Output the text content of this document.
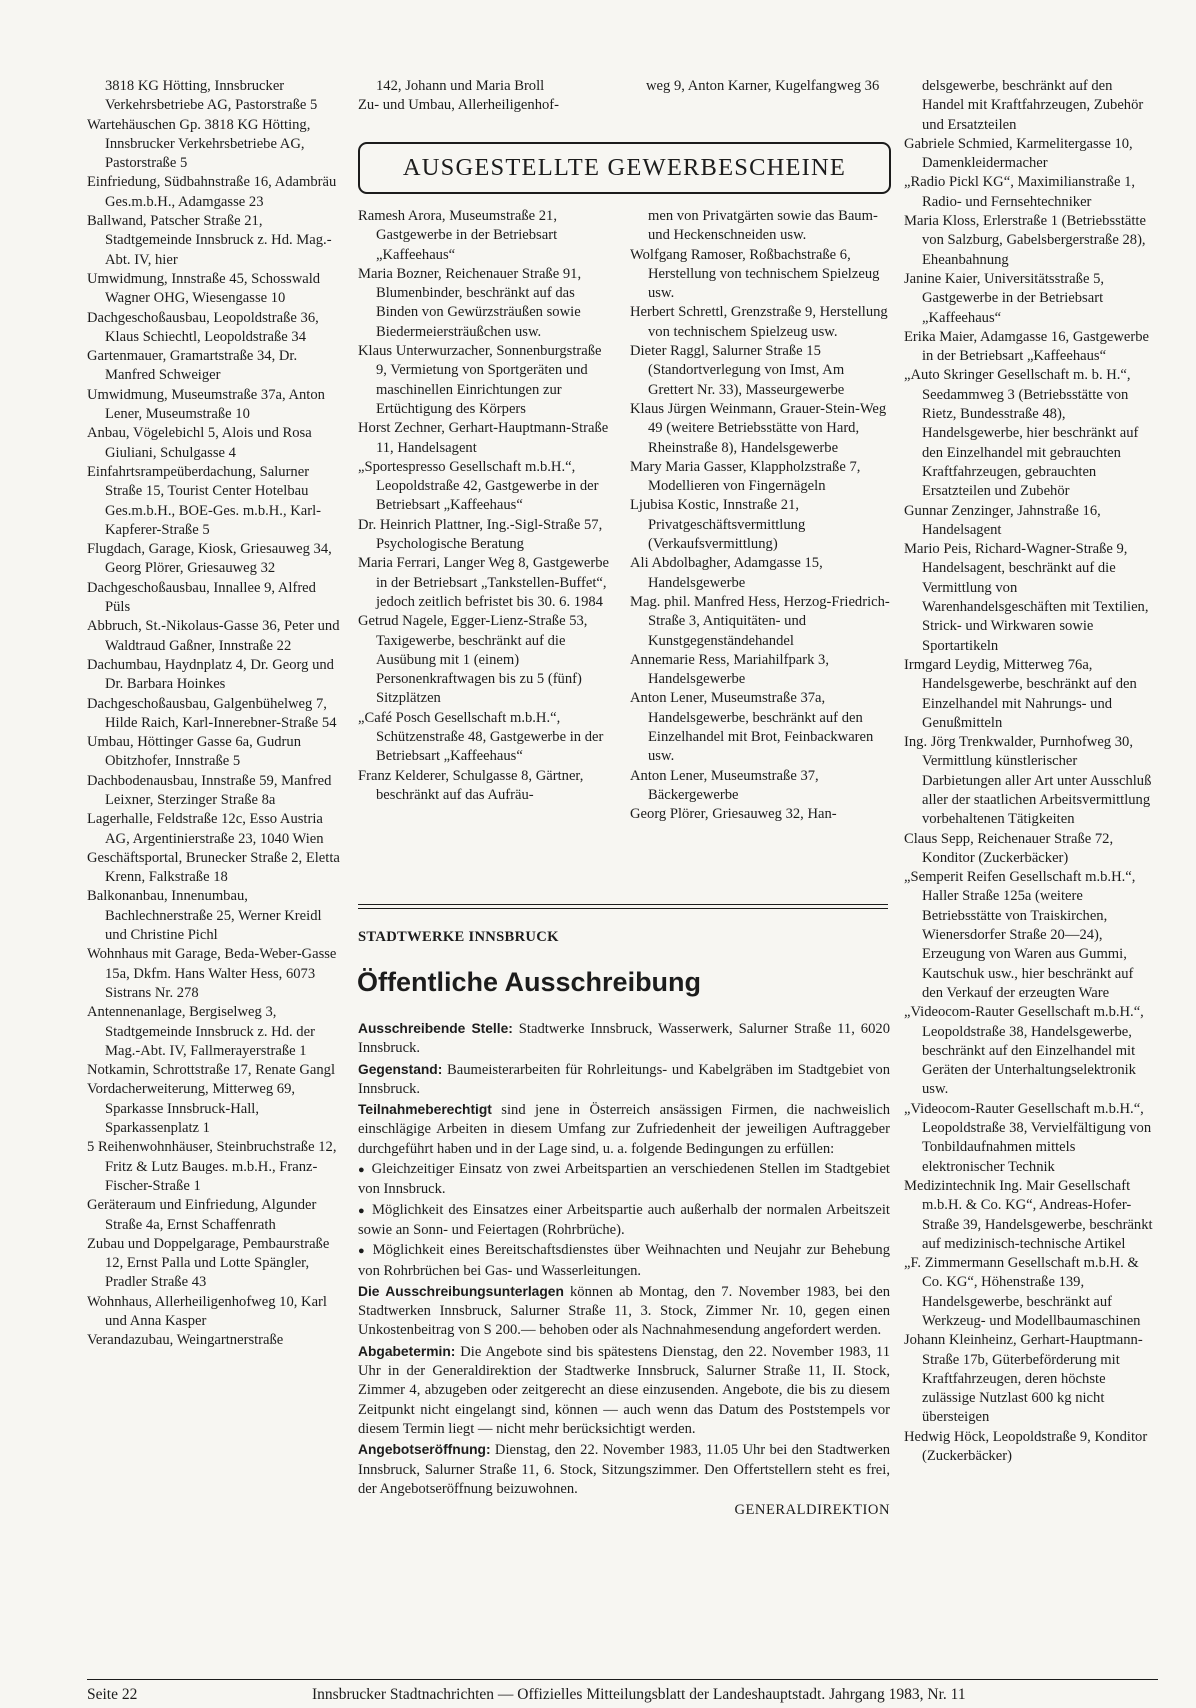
3818 KG Hötting, Innsbrucker Verkehrsbetriebe AG, Pastorstraße 5

Wartehäuschen Gp. 3818 KG Hötting, Innsbrucker Verkehrsbetriebe AG, Pastorstraße 5

Einfriedung, Südbahnstraße 16, Adambräu Ges.m.b.H., Adamgasse 23

Ballwand, Patscher Straße 21, Stadtgemeinde Innsbruck z. Hd. Mag.-Abt. IV, hier

Umwidmung, Innstraße 45, Schosswald Wagner OHG, Wiesengasse 10

Dachgeschoßausbau, Leopoldstraße 36, Klaus Schiechtl, Leopoldstraße 34

Gartenmauer, Gramartstraße 34, Dr. Manfred Schweiger

Umwidmung, Museumstraße 37a, Anton Lener, Museumstraße 10

Anbau, Vögelebichl 5, Alois und Rosa Giuliani, Schulgasse 4

Einfahrtsrampeüberdachung, Salurner Straße 15, Tourist Center Hotelbau Ges.m.b.H., BOE-Ges. m.b.H., Karl-Kapferer-Straße 5

Flugdach, Garage, Kiosk, Griesauweg 34, Georg Plörer, Griesauweg 32

Dachgeschoßausbau, Innallee 9, Alfred Püls

Abbruch, St.-Nikolaus-Gasse 36, Peter und Waldtraud Gaßner, Innstraße 22

Dachumbau, Haydnplatz 4, Dr. Georg und Dr. Barbara Hoinkes

Dachgeschoßausbau, Galgenbühelweg 7, Hilde Raich, Karl-Innerebner-Straße 54

Umbau, Höttinger Gasse 6a, Gudrun Obitzhofer, Innstraße 5

Dachbodenausbau, Innstraße 59, Manfred Leixner, Sterzinger Straße 8a

Lagerhalle, Feldstraße 12c, Esso Austria AG, Argentinierstraße 23, 1040 Wien

Geschäftsportal, Brunecker Straße 2, Eletta Krenn, Falkstraße 18

Balkonanbau, Innenumbau, Bachlechnerstraße 25, Werner Kreidl und Christine Pichl

Wohnhaus mit Garage, Beda-Weber-Gasse 15a, Dkfm. Hans Walter Hess, 6073 Sistrans Nr. 278

Antennenanlage, Bergiselweg 3, Stadtgemeinde Innsbruck z. Hd. der Mag.-Abt. IV, Fallmerayerstraße 1

Notkamin, Schrottstraße 17, Renate Gangl

Vordacherweiterung, Mitterweg 69, Sparkasse Innsbruck-Hall, Sparkassenplatz 1

5 Reihenwohnhäuser, Steinbruchstraße 12, Fritz & Lutz Bauges. m.b.H., Franz-Fischer-Straße 1

Geräteraum und Einfriedung, Algunder Straße 4a, Ernst Schaffenrath

Zubau und Doppelgarage, Pembaurstraße 12, Ernst Palla und Lotte Spängler, Pradler Straße 43

Wohnhaus, Allerheiligenhofweg 10, Karl und Anna Kasper

Verandazubau, Weingartnerstraße

142, Johann und Maria Broll

Zu- und Umbau, Allerheiligenhof-

weg 9, Anton Karner, Kugelfangweg 36

AUSGESTELLTE GEWERBESCHEINE

Ramesh Arora, Museumstraße 21, Gastgewerbe in der Betriebsart „Kaffeehaus“

Maria Bozner, Reichenauer Straße 91, Blumenbinder, beschränkt auf das Binden von Gewürzsträußen sowie Biedermeiersträußchen usw.

Klaus Unterwurzacher, Sonnenburgstraße 9, Vermietung von Sportgeräten und maschinellen Einrichtungen zur Ertüchtigung des Körpers

Horst Zechner, Gerhart-Hauptmann-Straße 11, Handelsagent

„Sportespresso Gesellschaft m.b.H.“, Leopoldstraße 42, Gastgewerbe in der Betriebsart „Kaffeehaus“

Dr. Heinrich Plattner, Ing.-Sigl-Straße 57, Psychologische Beratung

Maria Ferrari, Langer Weg 8, Gastgewerbe in der Betriebsart „Tankstellen-Buffet“, jedoch zeitlich befristet bis 30. 6. 1984

Getrud Nagele, Egger-Lienz-Straße 53, Taxigewerbe, beschränkt auf die Ausübung mit 1 (einem) Personenkraftwagen bis zu 5 (fünf) Sitzplätzen

„Café Posch Gesellschaft m.b.H.“, Schützenstraße 48, Gastgewerbe in der Betriebsart „Kaffeehaus“

Franz Kelderer, Schulgasse 8, Gärtner, beschränkt auf das Aufräu-

men von Privatgärten sowie das Baum- und Heckenschneiden usw.

Wolfgang Ramoser, Roßbachstraße 6, Herstellung von technischem Spielzeug usw.

Herbert Schrettl, Grenzstraße 9, Herstellung von technischem Spielzeug usw.

Dieter Raggl, Salurner Straße 15 (Standortverlegung von Imst, Am Grettert Nr. 33), Masseurgewerbe

Klaus Jürgen Weinmann, Grauer-Stein-Weg 49 (weitere Betriebsstätte von Hard, Rheinstraße 8), Handelsgewerbe

Mary Maria Gasser, Klappholzstraße 7, Modellieren von Fingernägeln

Ljubisa Kostic, Innstraße 21, Privatgeschäftsvermittlung (Verkaufsvermittlung)

Ali Abdolbagher, Adamgasse 15, Handelsgewerbe

Mag. phil. Manfred Hess, Herzog-Friedrich-Straße 3, Antiquitäten- und Kunstgegenständehandel

Annemarie Ress, Mariahilfpark 3, Handelsgewerbe

Anton Lener, Museumstraße 37a, Handelsgewerbe, beschränkt auf den Einzelhandel mit Brot, Feinbackwaren usw.

Anton Lener, Museumstraße 37, Bäckergewerbe

Georg Plörer, Griesauweg 32, Han-

delsgewerbe, beschränkt auf den Handel mit Kraftfahrzeugen, Zubehör und Ersatzteilen

Gabriele Schmied, Karmelitergasse 10, Damenkleidermacher

„Radio Pickl KG“, Maximilianstraße 1, Radio- und Fernsehtechniker

Maria Kloss, Erlerstraße 1 (Betriebsstätte von Salzburg, Gabelsbergerstraße 28), Eheanbahnung

Janine Kaier, Universitätsstraße 5, Gastgewerbe in der Betriebsart „Kaffeehaus“

Erika Maier, Adamgasse 16, Gastgewerbe in der Betriebsart „Kaffeehaus“

„Auto Skringer Gesellschaft m. b. H.“, Seedammweg 3 (Betriebsstätte von Rietz, Bundesstraße 48), Handelsgewerbe, hier beschränkt auf den Einzelhandel mit gebrauchten Kraftfahrzeugen, gebrauchten Ersatzteilen und Zubehör

Gunnar Zenzinger, Jahnstraße 16, Handelsagent

Mario Peis, Richard-Wagner-Straße 9, Handelsagent, beschränkt auf die Vermittlung von Warenhandelsgeschäften mit Textilien, Strick- und Wirkwaren sowie Sportartikeln

Irmgard Leydig, Mitterweg 76a, Handelsgewerbe, beschränkt auf den Einzelhandel mit Nahrungs- und Genußmitteln

Ing. Jörg Trenkwalder, Purnhofweg 30, Vermittlung künstlerischer Darbietungen aller Art unter Ausschluß aller der staatlichen Arbeitsvermittlung vorbehaltenen Tätigkeiten

Claus Sepp, Reichenauer Straße 72, Konditor (Zuckerbäcker)

„Semperit Reifen Gesellschaft m.b.H.“, Haller Straße 125a (weitere Betriebsstätte von Traiskirchen, Wienersdorfer Straße 20—24), Erzeugung von Waren aus Gummi, Kautschuk usw., hier beschränkt auf den Verkauf der erzeugten Ware

„Videocom-Rauter Gesellschaft m.b.H.“, Leopoldstraße 38, Handelsgewerbe, beschränkt auf den Einzelhandel mit Geräten der Unterhaltungselektronik usw.

„Videocom-Rauter Gesellschaft m.b.H.“, Leopoldstraße 38, Vervielfältigung von Tonbildaufnahmen mittels elektronischer Technik

Medizintechnik Ing. Mair Gesellschaft m.b.H. & Co. KG“, Andreas-Hofer-Straße 39, Handelsgewerbe, beschränkt auf medizinisch-technische Artikel

„F. Zimmermann Gesellschaft m.b.H. & Co. KG“, Höhenstraße 139, Handelsgewerbe, beschränkt auf Werkzeug- und Modellbaumaschinen

Johann Kleinheinz, Gerhart-Hauptmann-Straße 17b, Güterbeförderung mit Kraftfahrzeugen, deren höchste zulässige Nutzlast 600 kg nicht übersteigen

Hedwig Höck, Leopoldstraße 9, Konditor (Zuckerbäcker)

STADTWERKE INNSBRUCK
Öffentliche Ausschreibung

Ausschreibende Stelle: Stadtwerke Innsbruck, Wasserwerk, Salurner Straße 11, 6020 Innsbruck.

Gegenstand: Baumeisterarbeiten für Rohrleitungs- und Kabelgräben im Stadtgebiet von Innsbruck.

Teilnahmeberechtigt sind jene in Österreich ansässigen Firmen, die nachweislich einschlägige Arbeiten in diesem Umfang zur Zufriedenheit der jeweiligen Auftraggeber durchgeführt haben und in der Lage sind, u. a. folgende Bedingungen zu erfüllen:

● Gleichzeitiger Einsatz von zwei Arbeitspartien an verschiedenen Stellen im Stadtgebiet von Innsbruck.

● Möglichkeit des Einsatzes einer Arbeitspartie auch außerhalb der normalen Arbeitszeit sowie an Sonn- und Feiertagen (Rohrbrüche).

● Möglichkeit eines Bereitschaftsdienstes über Weihnachten und Neujahr zur Behebung von Rohrbrüchen bei Gas- und Wasserleitungen.

Die Ausschreibungsunterlagen können ab Montag, den 7. November 1983, bei den Stadtwerken Innsbruck, Salurner Straße 11, 3. Stock, Zimmer Nr. 10, gegen einen Unkostenbeitrag von S 200.— behoben oder als Nachnahmesendung angefordert werden.

Abgabetermin: Die Angebote sind bis spätestens Dienstag, den 22. November 1983, 11 Uhr in der Generaldirektion der Stadtwerke Innsbruck, Salurner Straße 11, II. Stock, Zimmer 4, abzugeben oder zeitgerecht an diese einzusenden. Angebote, die bis zu diesem Zeitpunkt nicht eingelangt sind, können — auch wenn das Datum des Poststempels vor diesem Termin liegt — nicht mehr berücksichtigt werden.

Angebotseröffnung: Dienstag, den 22. November 1983, 11.05 Uhr bei den Stadtwerken Innsbruck, Salurner Straße 11, 6. Stock, Sitzungszimmer. Den Offertstellern steht es frei, der Angebotseröffnung beizuwohnen.

GENERALDIREKTION
Seite 22	Innsbrucker Stadtnachrichten — Offizielles Mitteilungsblatt der Landeshauptstadt. Jahrgang 1983, Nr. 11
